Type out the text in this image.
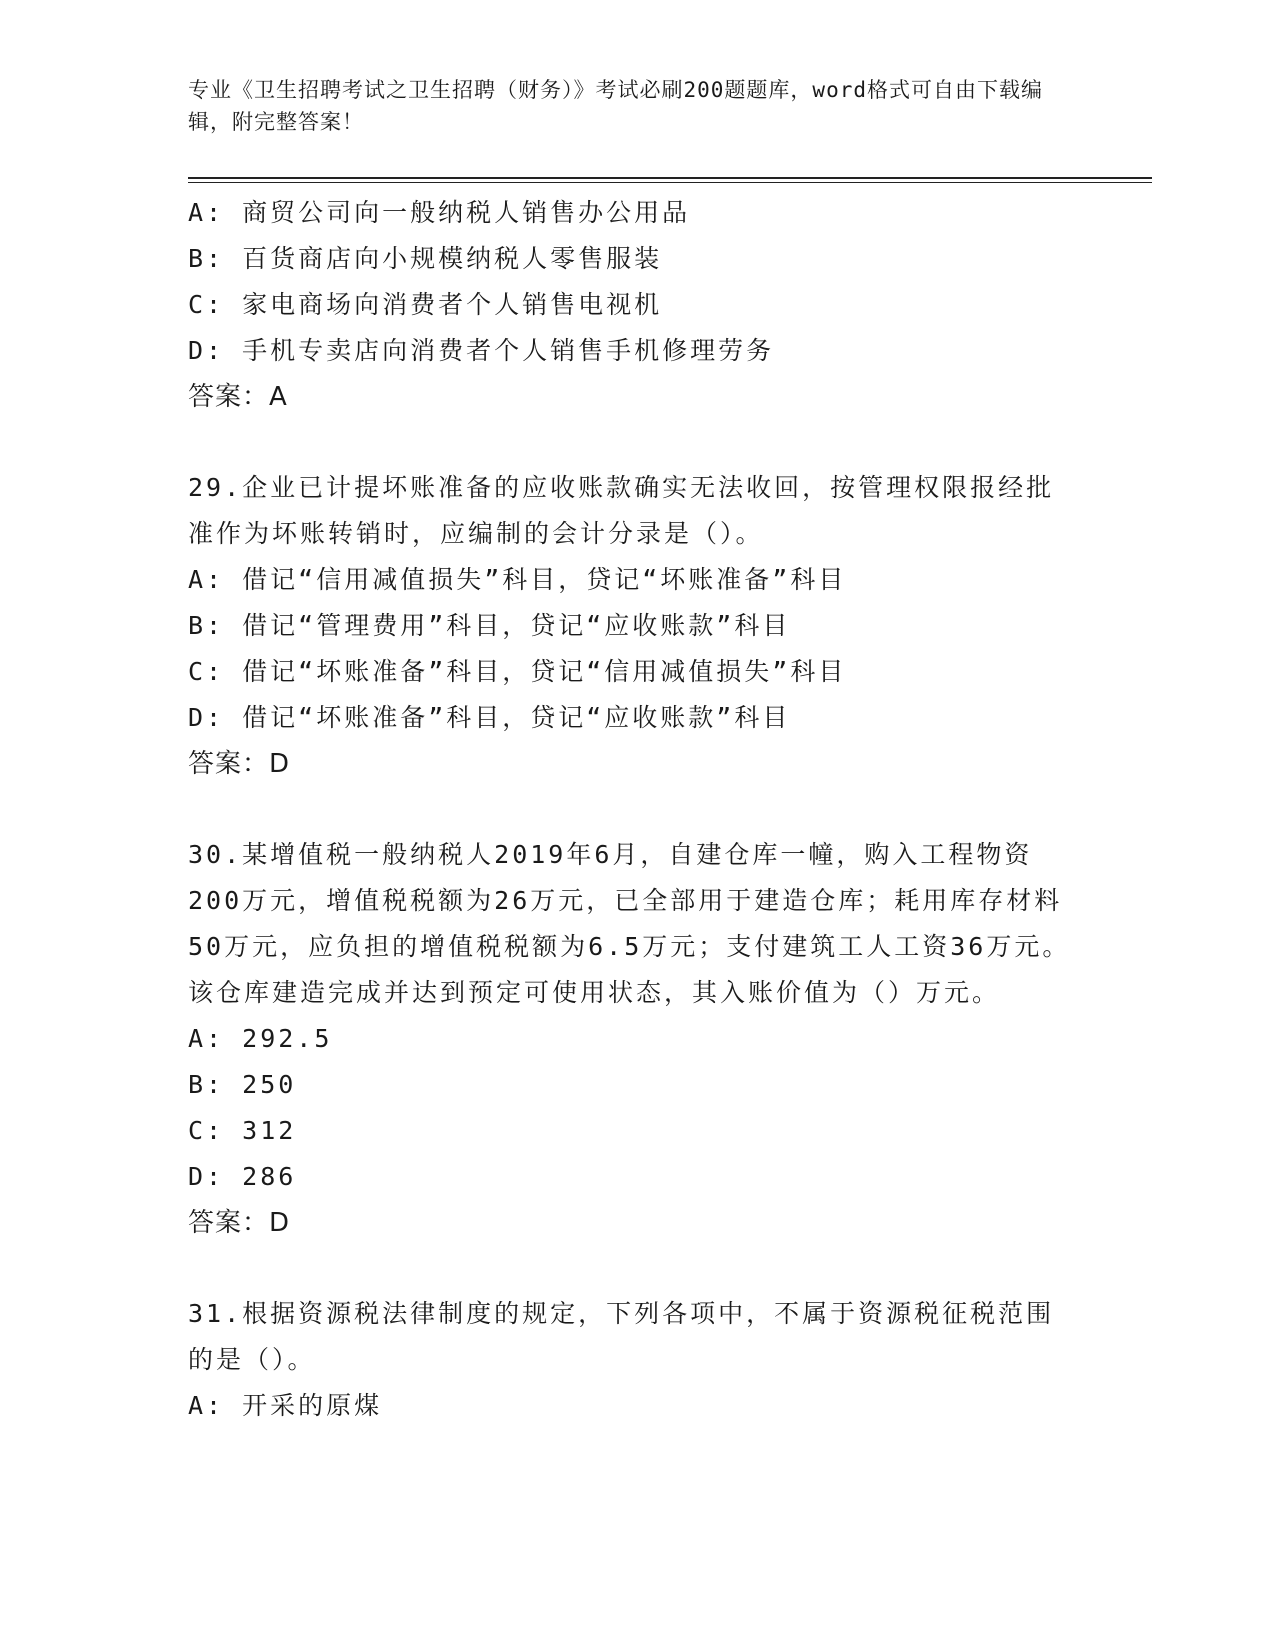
专业《卫生招聘考试之卫生招聘（财务）》考试必刷200题题库，word格式可自由下载编辑，附完整答案！
A: 商贸公司向一般纳税人销售办公用品
B: 百货商店向小规模纳税人零售服装
C: 家电商场向消费者个人销售电视机
D: 手机专卖店向消费者个人销售手机修理劳务
答案：A
29.企业已计提坏账准备的应收账款确实无法收回，按管理权限报经批准作为坏账转销时，应编制的会计分录是（）。
A: 借记“信用减值损失”科目，贷记“坏账准备”科目
B: 借记“管理费用”科目，贷记“应收账款”科目
C: 借记“坏账准备”科目，贷记“信用减值损失”科目
D: 借记“坏账准备”科目，贷记“应收账款”科目
答案：D
30.某增值税一般纳税人2019年6月，自建仓库一幢，购入工程物资200万元，增值税税额为26万元，已全部用于建造仓库；耗用库存材料50万元，应负担的增值税税额为6.5万元；支付建筑工人工资36万元。该仓库建造完成并达到预定可使用状态，其入账价值为（）万元。
A: 292.5
B: 250
C: 312
D: 286
答案：D
31.根据资源税法律制度的规定，下列各项中，不属于资源税征税范围的是（）。
A: 开采的原煤
